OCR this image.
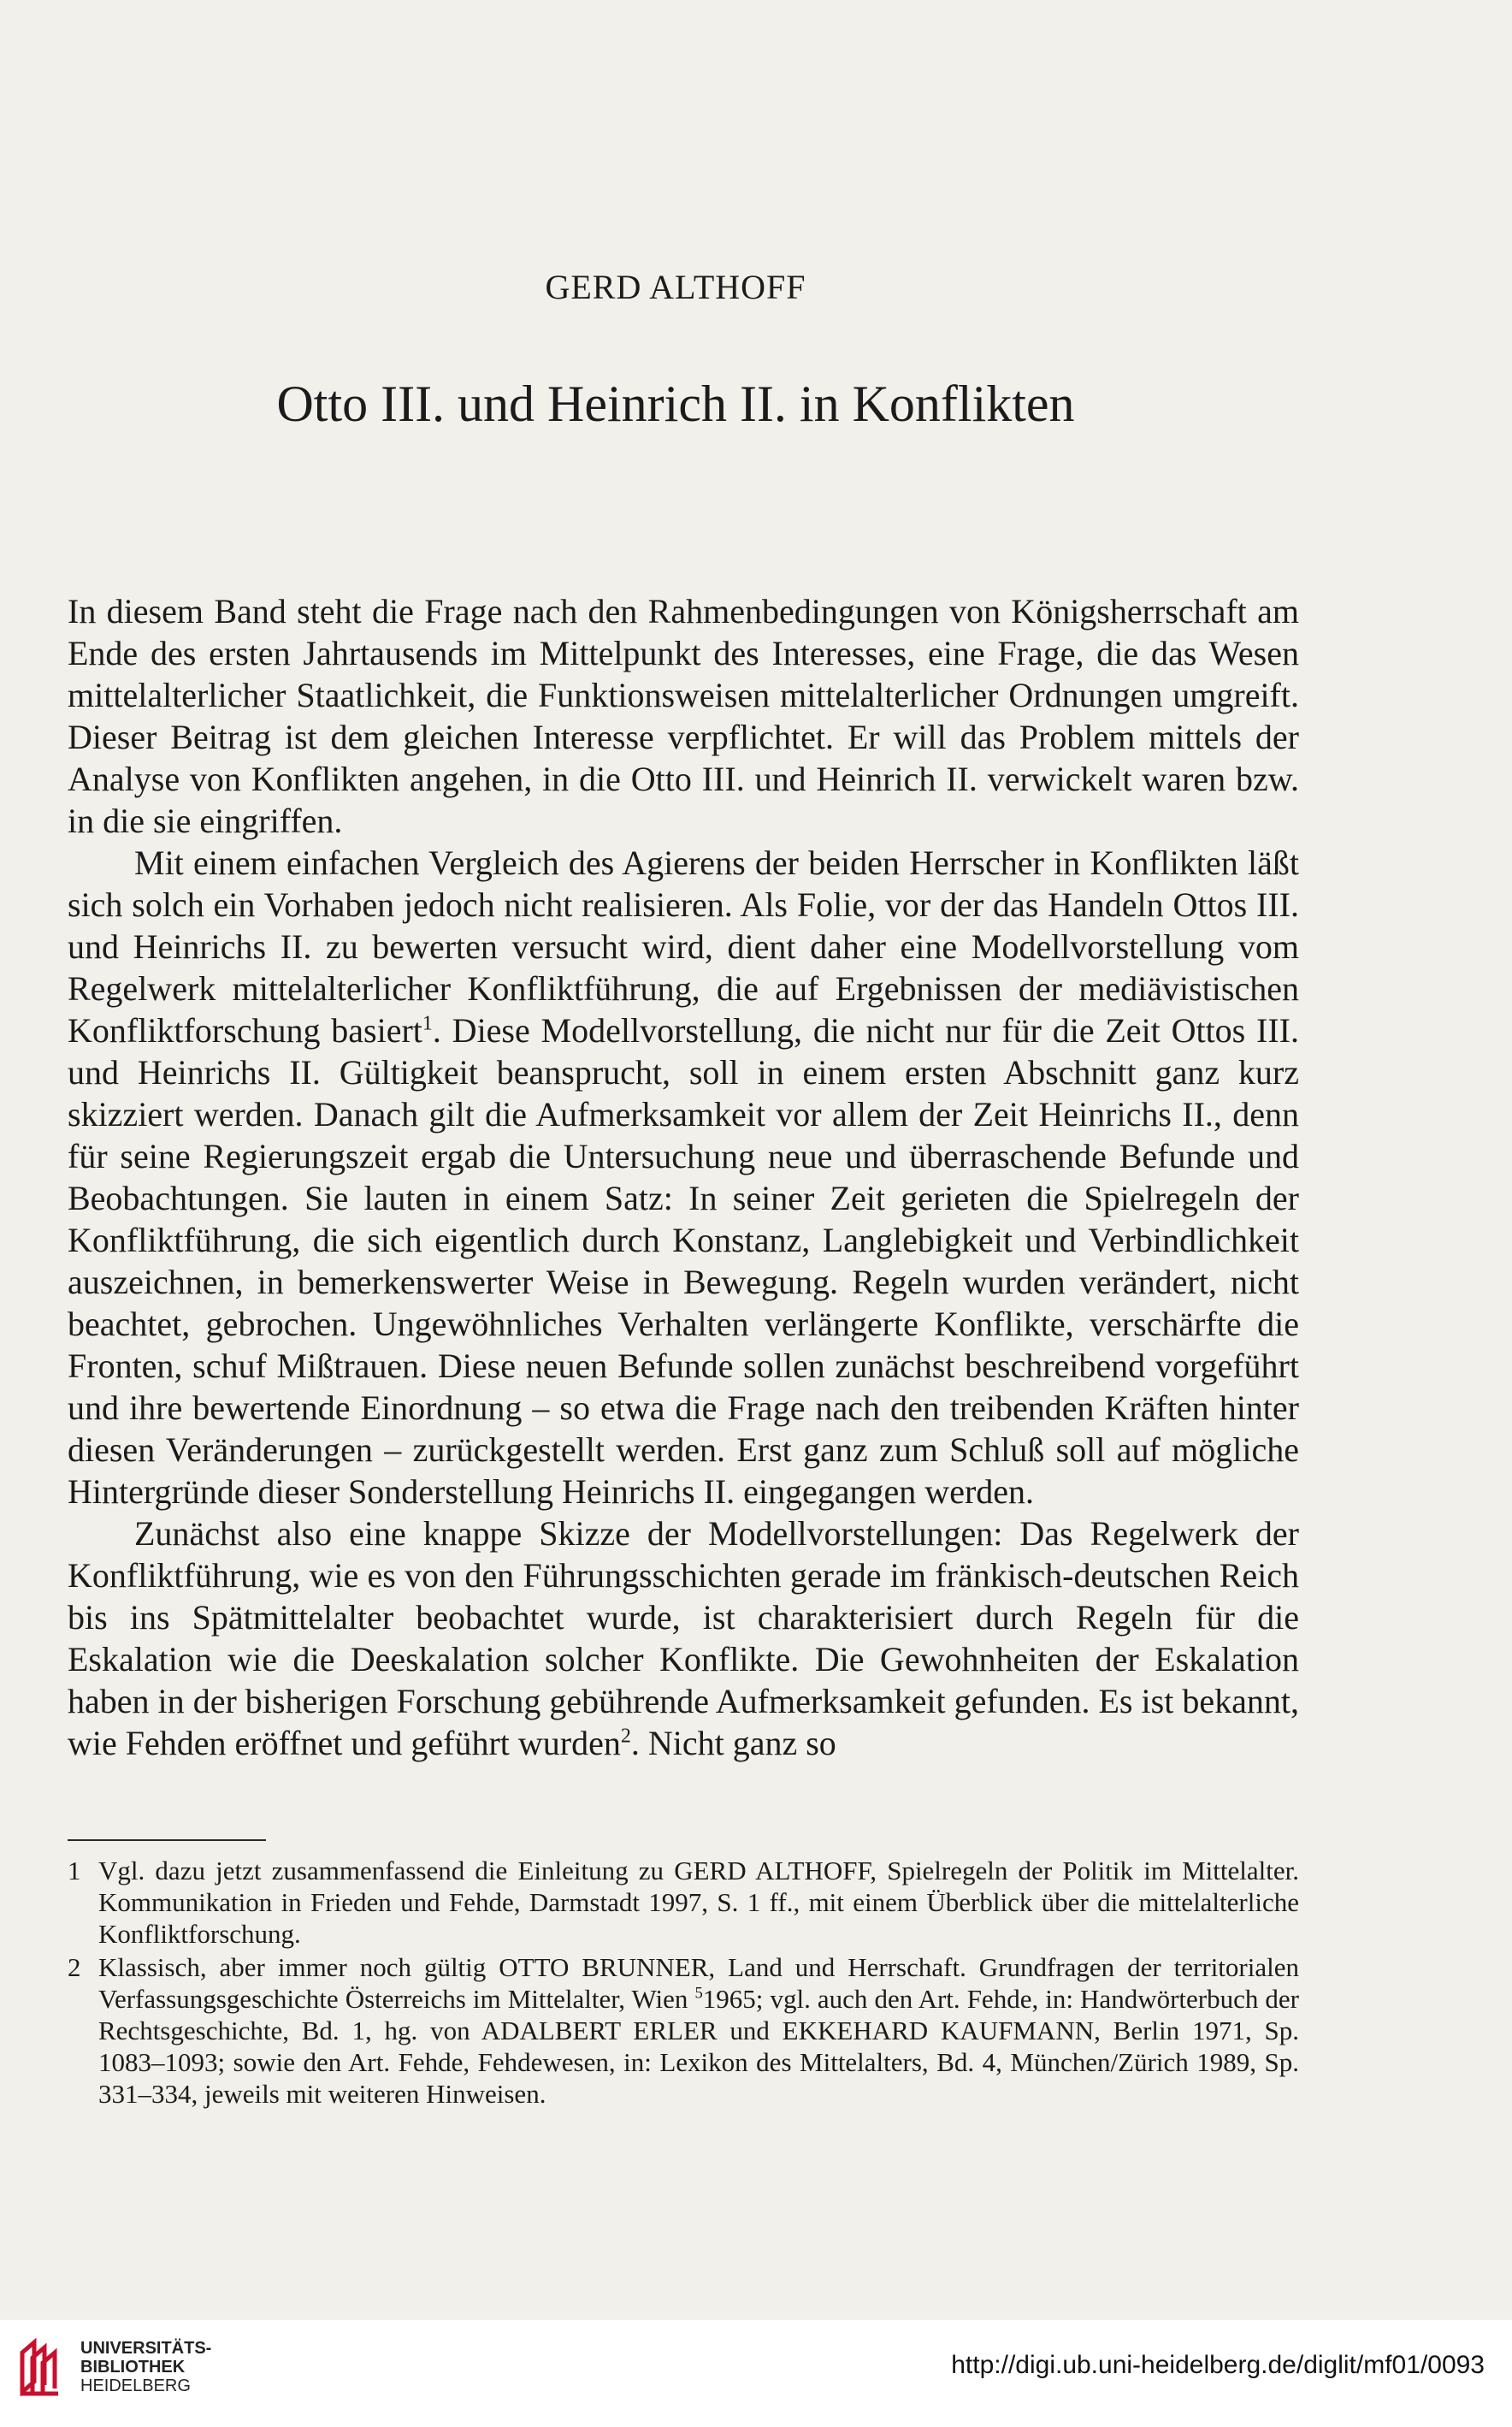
GERD ALTHOFF
Otto III. und Heinrich II. in Konflikten

In diesem Band steht die Frage nach den Rahmenbedingungen von Königsherrschaft am Ende des ersten Jahrtausends im Mittelpunkt des Interesses, eine Frage, die das Wesen mittelalterlicher Staatlichkeit, die Funktionsweisen mittelalterlicher Ordnungen umgreift. Dieser Beitrag ist dem gleichen Interesse verpflichtet. Er will das Problem mittels der Analyse von Konflikten angehen, in die Otto III. und Heinrich II. verwickelt waren bzw. in die sie eingriffen.

Mit einem einfachen Vergleich des Agierens der beiden Herrscher in Konflikten läßt sich solch ein Vorhaben jedoch nicht realisieren. Als Folie, vor der das Handeln Ottos III. und Heinrichs II. zu bewerten versucht wird, dient daher eine Modellvorstellung vom Regelwerk mittelalterlicher Konfliktführung, die auf Ergebnissen der mediävistischen Konfliktforschung basiert$^1$. Diese Modellvorstellung, die nicht nur für die Zeit Ottos III. und Heinrichs II. Gültigkeit beansprucht, soll in einem ersten Abschnitt ganz kurz skizziert werden. Danach gilt die Aufmerksamkeit vor allem der Zeit Heinrichs II., denn für seine Regierungszeit ergab die Untersuchung neue und überraschende Befunde und Beobachtungen. Sie lauten in einem Satz: In seiner Zeit gerieten die Spielregeln der Konfliktführung, die sich eigentlich durch Konstanz, Langlebigkeit und Verbindlichkeit auszeichnen, in bemerkenswerter Weise in Bewegung. Regeln wurden verändert, nicht beachtet, gebrochen. Ungewöhnliches Verhalten verlängerte Konflikte, verschärfte die Fronten, schuf Mißtrauen. Diese neuen Befunde sollen zunächst beschreibend vorgeführt und ihre bewertende Einordnung – so etwa die Frage nach den treibenden Kräften hinter diesen Veränderungen – zurückgestellt werden. Erst ganz zum Schluß soll auf mögliche Hintergründe dieser Sonderstellung Heinrichs II. eingegangen werden.

Zunächst also eine knappe Skizze der Modellvorstellungen: Das Regelwerk der Konfliktführung, wie es von den Führungsschichten gerade im fränkisch-deutschen Reich bis ins Spätmittelalter beobachtet wurde, ist charakterisiert durch Regeln für die Eskalation wie die Deeskalation solcher Konflikte. Die Gewohnheiten der Eskalation haben in der bisherigen Forschung gebührende Aufmerksamkeit gefunden. Es ist bekannt, wie Fehden eröffnet und geführt wurden$^2$. Nicht ganz so

1 Vgl. dazu jetzt zusammenfassend die Einleitung zu GERD ALTHOFF, Spielregeln der Politik im Mittelalter. Kommunikation in Frieden und Fehde, Darmstadt 1997, S. 1 ff., mit einem Überblick über die mittelalterliche Konfliktforschung.
2 Klassisch, aber immer noch gültig OTTO BRUNNER, Land und Herrschaft. Grundfragen der territorialen Verfassungsgeschichte Österreichs im Mittelalter, Wien $^5$1965; vgl. auch den Art. Fehde, in: Handwörterbuch der Rechtsgeschichte, Bd. 1, hg. von ADALBERT ERLER und EKKEHARD KAUFMANN, Berlin 1971, Sp. 1083–1093; sowie den Art. Fehde, Fehdewesen, in: Lexikon des Mittelalters, Bd. 4, München/Zürich 1989, Sp. 331–334, jeweils mit weiteren Hinweisen.
UNIVERSITÄTS-
BIBLIOTHEK
HEIDELBERG
http://digi.ub.uni-heidelberg.de/diglit/mf01/0093
